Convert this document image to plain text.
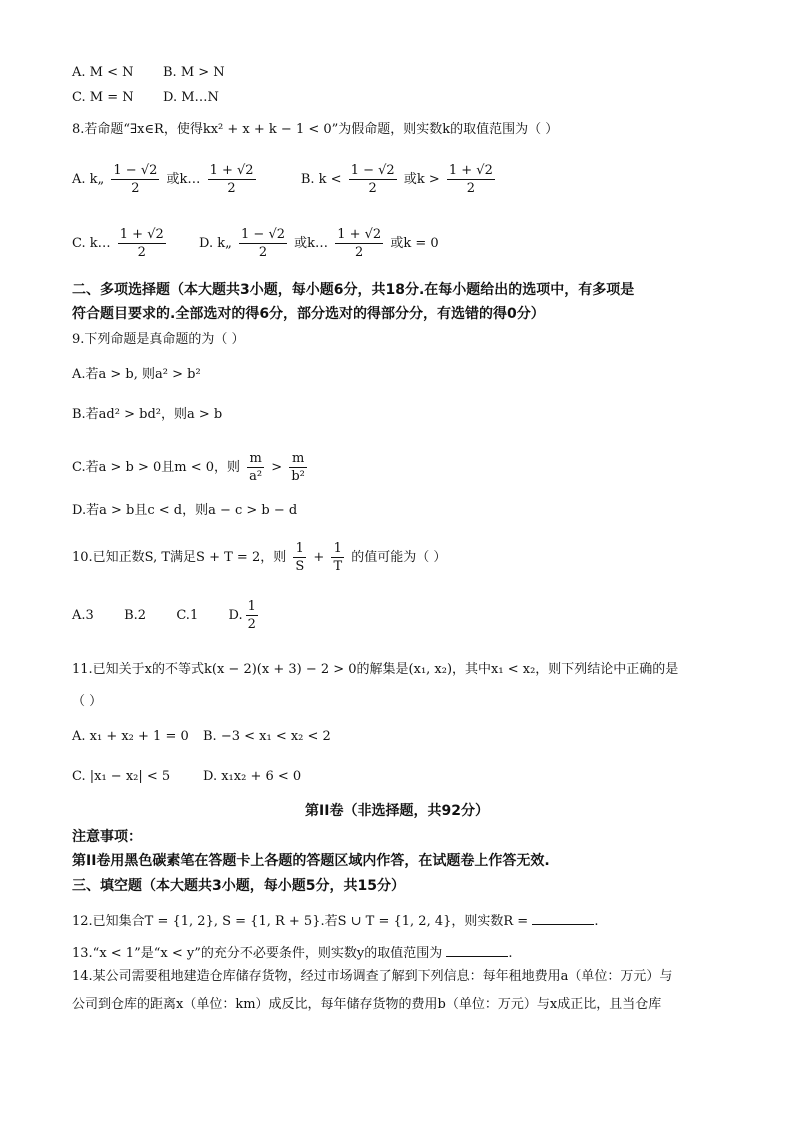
A. M < N B. M > N
C. M = N D. M…N
8.若命题“∃x∈R，使得kx² + x + k − 1 < 0”为假命题，则实数k的取值范围为（ ）
A. k„ $\frac{1 - √2}{2}$ 或k… $\frac{1 + √2}{2}$	B. $k < \frac{1 - √2}{2}$ 或$k > \frac{1 + √2}{2}$
C. k… $\frac{1 + √2}{2}$	D. k„ $\frac{1 - √2}{2}$ 或k… $\frac{1 + √2}{2}$ 或k = 0
二、多项选择题（本大题共3小题，每小题6分，共18分.在每小题给出的选项中，有多项是
符合题目要求的.全部选对的得6分，部分选对的得部分分，有选错的得0分）
9.下列命题是真命题的为（ ）
A.若a > b, 则a² > b²
B.若ad² > bd²，则a > b
C.若a > b > 0且m < 0，则 $\frac{m}{\text{a²}} > \frac{m}{\text{b²}}$
D.若a > b且c < d，则a − c > b − d
10.已知正数S, T满足S + T = 2，则 $\frac{1}{S} + \frac{1}{T}$ 的值可能为（ ）
A.3 B.2 C.1 D. $\frac{1}{2}$
11.已知关于x的不等式k(x − 2)(x + 3) − 2 > 0的解集是(x₁, x₂)，其中x₁ < x₂，则下列结论中正确的是
（ ）
A. x₁ + x₂ + 1 = 0 B. −3 < x₁ < x₂ < 2
C. |x₁ − x₂| < 5	D. x₁x₂ + 6 < 0
第II卷（非选择题，共92分）
注意事项：
第II卷用黑色碳素笔在答题卡上各题的答题区域内作答，在试题卷上作答无效.
三、填空题（本大题共3小题，每小题5分，共15分）
12.已知集合T = {1, 2}, S = {1, R + 5}.若S ∪ T = {1, 2, 4}，则实数R =	.
13.“x < 1”是“x < y”的充分不必要条件，则实数y的取值范围为	.
14.某公司需要租地建造仓库储存货物，经过市场调查了解到下列信息：每年租地费用a（单位：万元）与
公司到仓库的距离x（单位：km）成反比，每年储存货物的费用b（单位：万元）与x成正比，且当仓库
